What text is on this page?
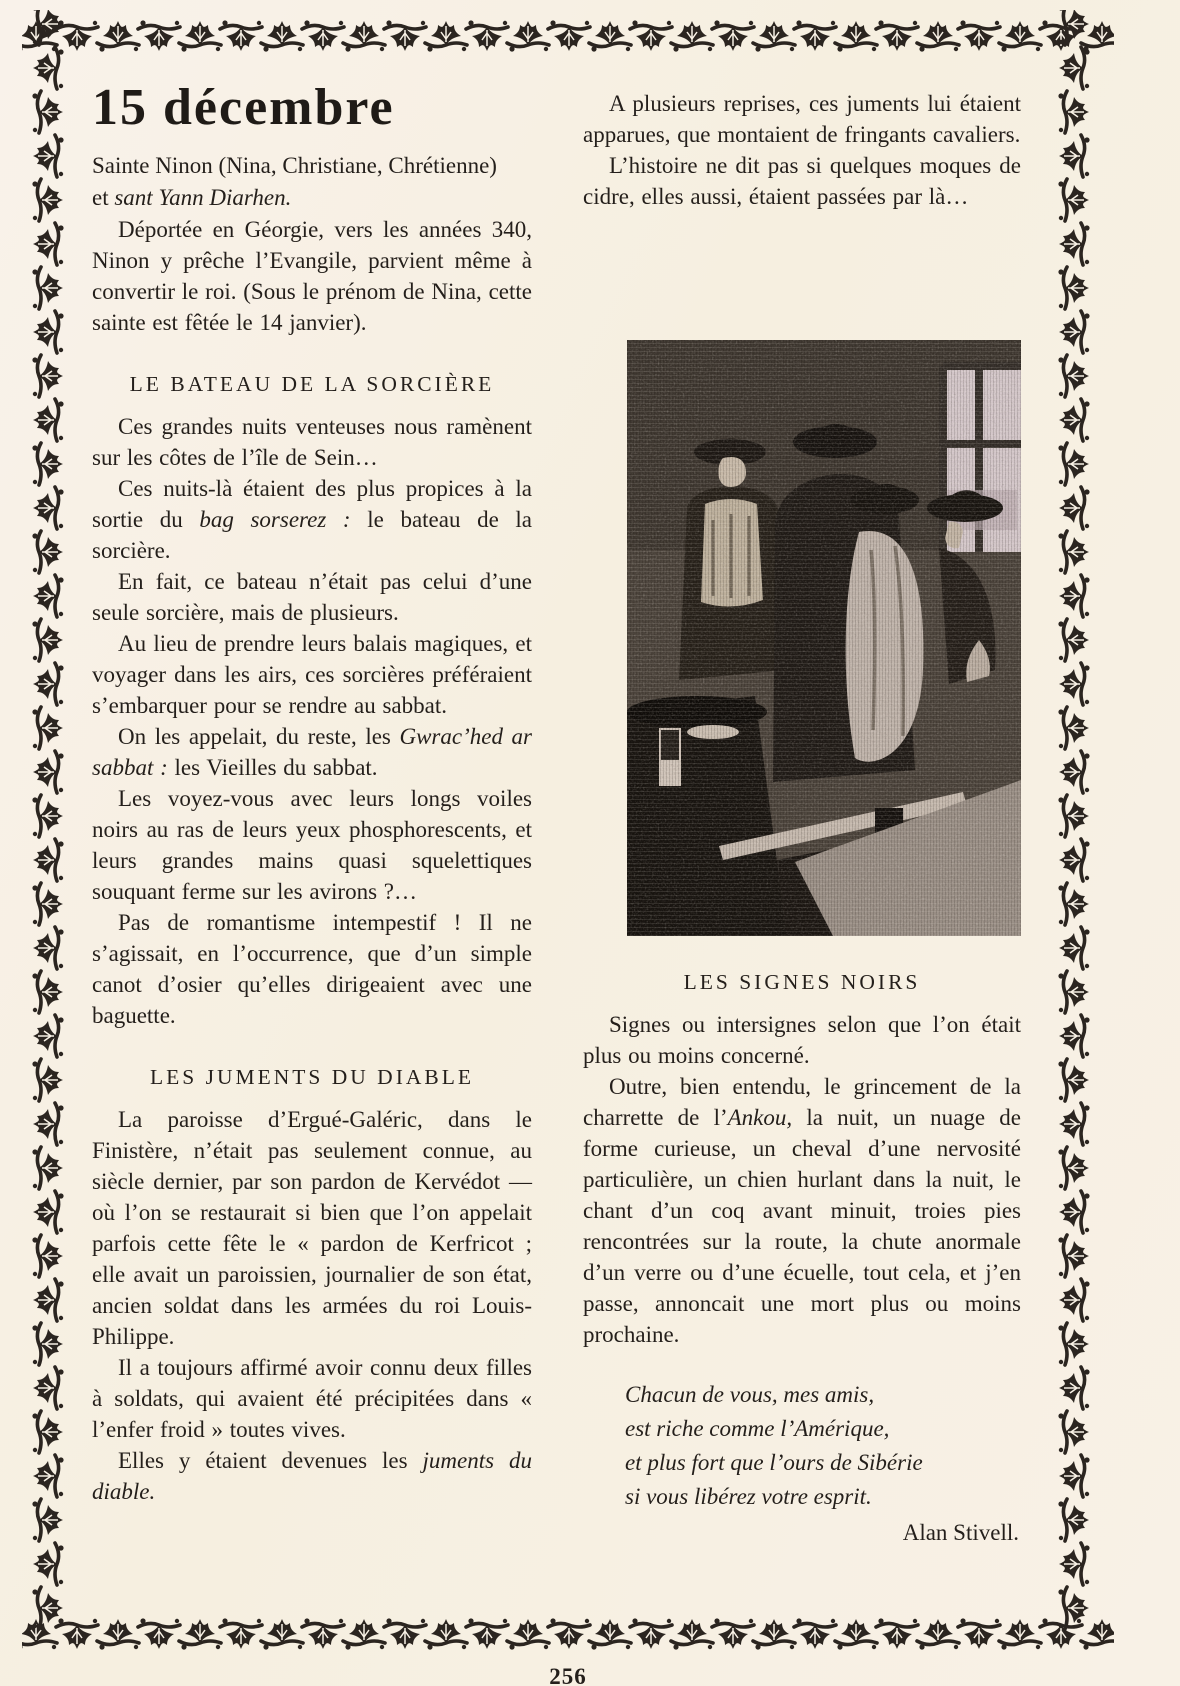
15 décembre

Sainte Ninon (Nina, Christiane, Chrétienne)

et sant Yann Diarhen.

Déportée en Géorgie, vers les années 340, Ninon y prêche l’Evangile, parvient même à convertir le roi. (Sous le prénom de Nina, cette sainte est fêtée le 14 janvier).

LE BATEAU DE LA SORCIÈRE

Ces grandes nuits venteuses nous ramènent sur les côtes de l’île de Sein…

Ces nuits-là étaient des plus propices à la sortie du bag sorserez : le bateau de la sorcière.

En fait, ce bateau n’était pas celui d’une seule sorcière, mais de plusieurs.

Au lieu de prendre leurs balais magiques, et voyager dans les airs, ces sorcières préféraient s’embarquer pour se rendre au sabbat.

On les appelait, du reste, les Gwrac’hed ar sabbat : les Vieilles du sabbat.

Les voyez-vous avec leurs longs voiles noirs au ras de leurs yeux phosphorescents, et leurs grandes mains quasi squelettiques souquant ferme sur les avirons ?…

Pas de romantisme intempestif ! Il ne s’agissait, en l’occurrence, que d’un simple canot d’osier qu’elles dirigeaient avec une baguette.

LES JUMENTS DU DIABLE

La paroisse d’Ergué-Galéric, dans le Finistère, n’était pas seulement connue, au siècle dernier, par son pardon de Kervédot — où l’on se restaurait si bien que l’on appelait parfois cette fête le « pardon de Kerfricot ; elle avait un paroissien, journalier de son état, ancien soldat dans les armées du roi Louis-Philippe.

Il a toujours affirmé avoir connu deux filles à soldats, qui avaient été précipitées dans « l’enfer froid » toutes vives.

Elles y étaient devenues les juments du diable.

A plusieurs reprises, ces juments lui étaient apparues, que montaient de fringants cavaliers.

L’histoire ne dit pas si quelques moques de cidre, elles aussi, étaient passées par là…

LES SIGNES NOIRS

Signes ou intersignes selon que l’on était plus ou moins concerné.

Outre, bien entendu, le grincement de la charrette de l’Ankou, la nuit, un nuage de forme curieuse, un cheval d’une nervosité particulière, un chien hurlant dans la nuit, le chant d’un coq avant minuit, troies pies rencontrées sur la route, la chute anormale d’un verre ou d’une écuelle, tout cela, et j’en passe, annoncait une mort plus ou moins prochaine.

Chacun de vous, mes amis,
est riche comme l’Amérique,
et plus fort que l’ours de Sibérie
si vous libérez votre esprit.
Alan Stivell.
256
